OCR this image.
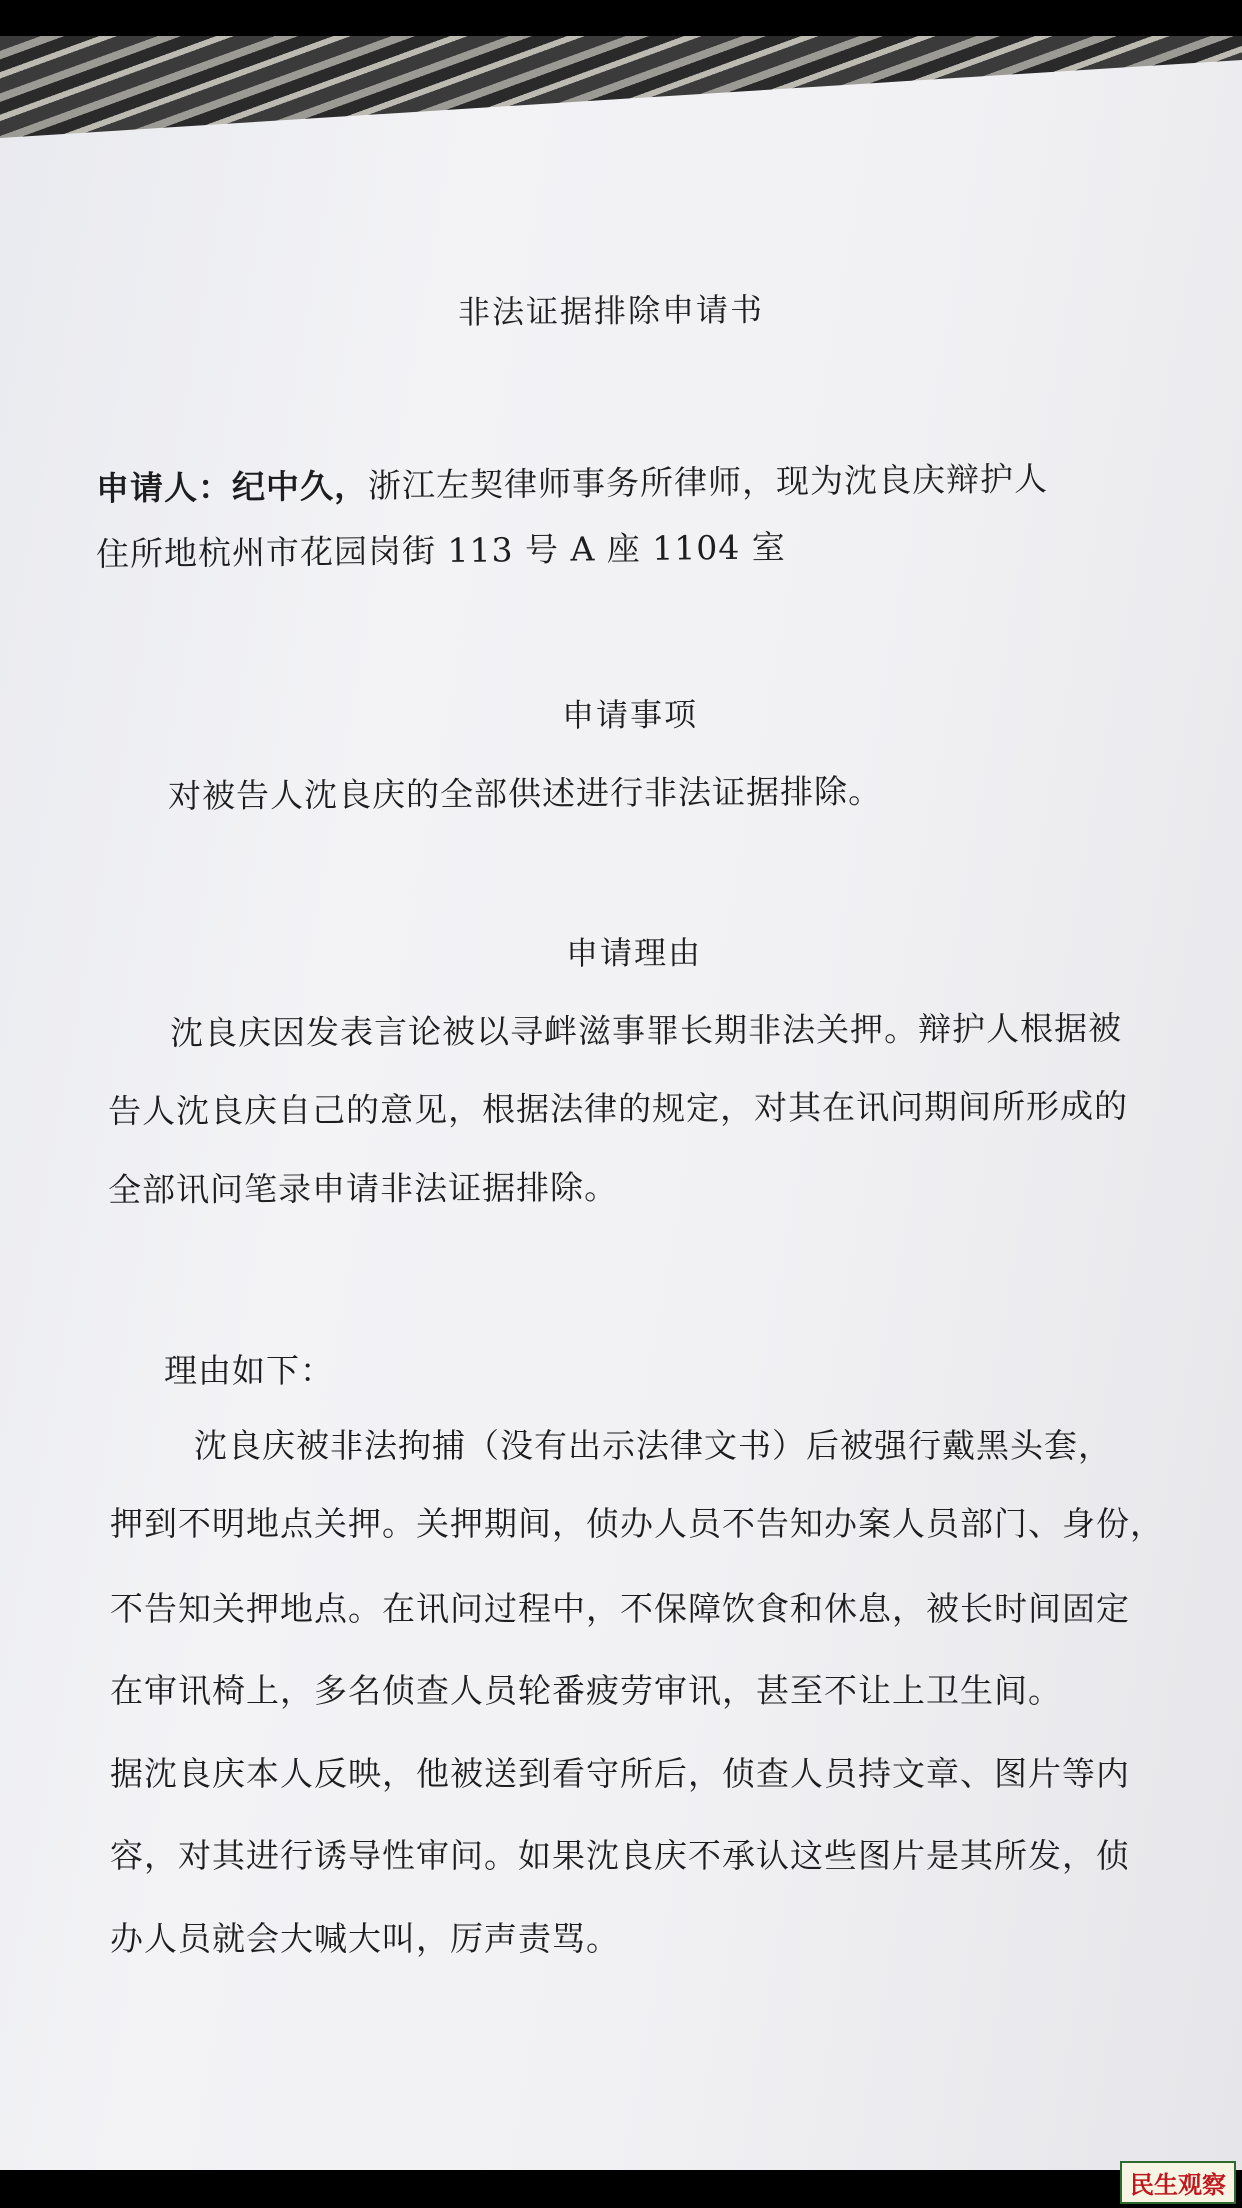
非法证据排除申请书
申请人：纪中久，浙江左契律师事务所律师，现为沈良庆辩护人
住所地杭州市花园岗街 113 号 A 座 1104 室
申请事项
对被告人沈良庆的全部供述进行非法证据排除。
申请理由
沈良庆因发表言论被以寻衅滋事罪长期非法关押。辩护人根据被
告人沈良庆自己的意见，根据法律的规定，对其在讯问期间所形成的
全部讯问笔录申请非法证据排除。
理由如下：
沈良庆被非法拘捕（没有出示法律文书）后被强行戴黑头套，
押到不明地点关押。关押期间，侦办人员不告知办案人员部门、身份，
不告知关押地点。在讯问过程中，不保障饮食和休息，被长时间固定
在审讯椅上，多名侦查人员轮番疲劳审讯，甚至不让上卫生间。
据沈良庆本人反映，他被送到看守所后，侦查人员持文章、图片等内
容，对其进行诱导性审问。如果沈良庆不承认这些图片是其所发，侦
办人员就会大喊大叫，厉声责骂。
民生观察
